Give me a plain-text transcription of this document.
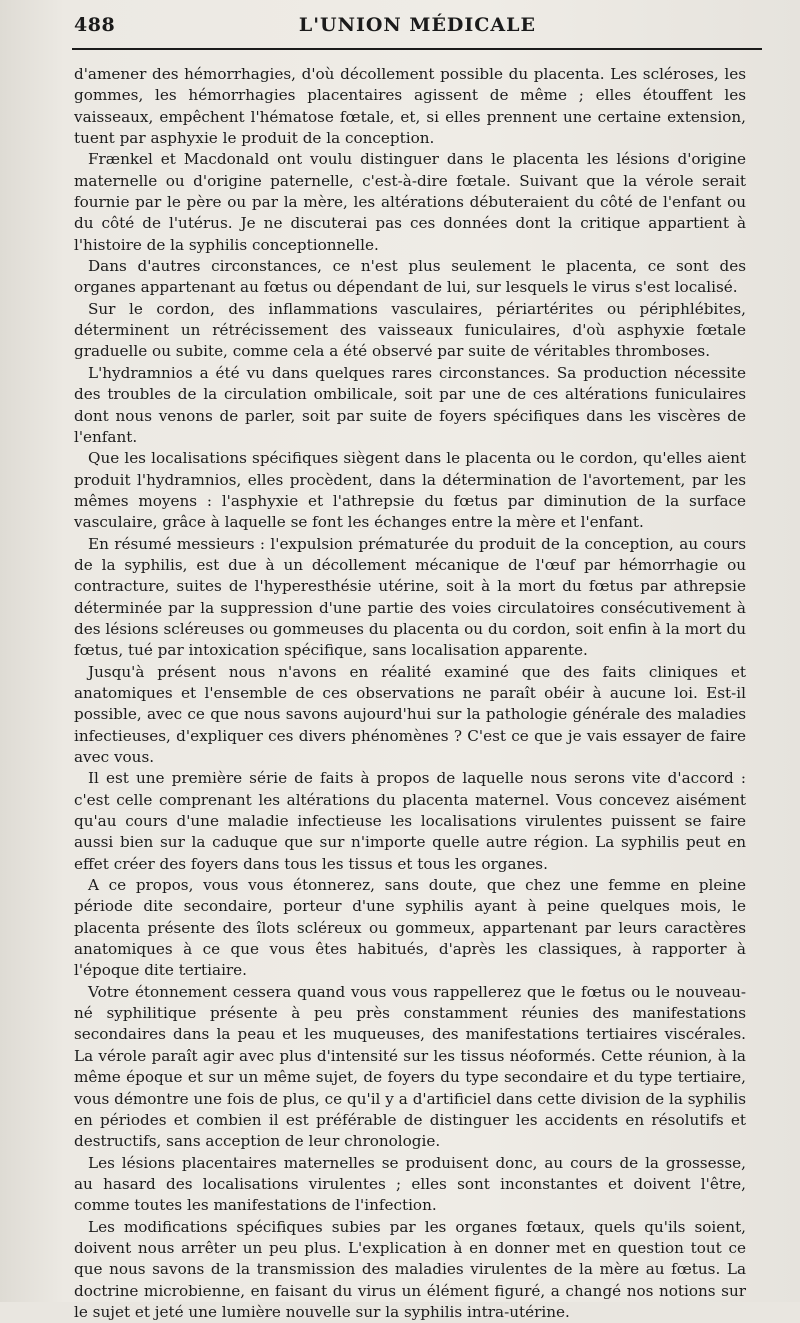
488	L'UNION MÉDICALE

d'amener des hémorrhagies, d'où décollement possible du placenta. Les scléroses, les gommes, les hémorrhagies placentaires agissent de même ; elles étouffent les vaisseaux, empêchent l'hématose fœtale, et, si elles prennent une certaine extension, tuent par asphyxie le produit de la conception.

Frænkel et Macdonald ont voulu distinguer dans le placenta les lésions d'origine maternelle ou d'origine paternelle, c'est-à-dire fœtale. Suivant que la vérole serait fournie par le père ou par la mère, les altérations débuteraient du côté de l'enfant ou du côté de l'utérus. Je ne discuterai pas ces données dont la critique appartient à l'histoire de la syphilis conceptionnelle.

Dans d'autres circonstances, ce n'est plus seulement le placenta, ce sont des organes appartenant au fœtus ou dépendant de lui, sur lesquels le virus s'est localisé.

Sur le cordon, des inflammations vasculaires, périartérites ou périphlébites, déterminent un rétrécissement des vaisseaux funiculaires, d'où asphyxie fœtale graduelle ou subite, comme cela a été observé par suite de véritables thromboses.

L'hydramnios a été vu dans quelques rares circonstances. Sa production nécessite des troubles de la circulation ombilicale, soit par une de ces altérations funiculaires dont nous venons de parler, soit par suite de foyers spécifiques dans les viscères de l'enfant.

Que les localisations spécifiques siègent dans le placenta ou le cordon, qu'elles aient produit l'hydramnios, elles procèdent, dans la détermination de l'avortement, par les mêmes moyens : l'asphyxie et l'athrepsie du fœtus par diminution de la surface vasculaire, grâce à laquelle se font les échanges entre la mère et l'enfant.

En résumé messieurs : l'expulsion prématurée du produit de la conception, au cours de la syphilis, est due à un décollement mécanique de l'œuf par hémorrhagie ou contracture, suites de l'hyperesthésie utérine, soit à la mort du fœtus par athrepsie déterminée par la suppression d'une partie des voies circulatoires consécutivement à des lésions scléreuses ou gommeuses du placenta ou du cordon, soit enfin à la mort du fœtus, tué par intoxication spécifique, sans localisation apparente.

Jusqu'à présent nous n'avons en réalité examiné que des faits cliniques et anatomiques et l'ensemble de ces observations ne paraît obéir à aucune loi. Est-il possible, avec ce que nous savons aujourd'hui sur la pathologie générale des maladies infectieuses, d'expliquer ces divers phénomènes ? C'est ce que je vais essayer de faire avec vous.

Il est une première série de faits à propos de laquelle nous serons vite d'accord : c'est celle comprenant les altérations du placenta maternel. Vous concevez aisément qu'au cours d'une maladie infectieuse les localisations virulentes puissent se faire aussi bien sur la caduque que sur n'importe quelle autre région. La syphilis peut en effet créer des foyers dans tous les tissus et tous les organes.

A ce propos, vous vous étonnerez, sans doute, que chez une femme en pleine période dite secondaire, porteur d'une syphilis ayant à peine quelques mois, le placenta présente des îlots scléreux ou gommeux, appartenant par leurs caractères anatomiques à ce que vous êtes habitués, d'après les classiques, à rapporter à l'époque dite tertiaire.

Votre étonnement cessera quand vous vous rappellerez que le fœtus ou le nouveau-né syphilitique présente à peu près constamment réunies des manifestations secondaires dans la peau et les muqueuses, des manifestations tertiaires viscérales. La vérole paraît agir avec plus d'intensité sur les tissus néoformés. Cette réunion, à la même époque et sur un même sujet, de foyers du type secondaire et du type tertiaire, vous démontre une fois de plus, ce qu'il y a d'artificiel dans cette division de la syphilis en périodes et combien il est préférable de distinguer les accidents en résolutifs et destructifs, sans acception de leur chronologie.

Les lésions placentaires maternelles se produisent donc, au cours de la grossesse, au hasard des localisations virulentes ; elles sont inconstantes et doivent l'être, comme toutes les manifestations de l'infection.

Les modifications spécifiques subies par les organes fœtaux, quels qu'ils soient, doivent nous arrêter un peu plus. L'explication à en donner met en question tout ce que nous savons de la transmission des maladies virulentes de la mère au fœtus. La doctrine microbienne, en faisant du virus un élément figuré, a changé nos notions sur le sujet et jeté une lumière nouvelle sur la syphilis intra-utérine.
